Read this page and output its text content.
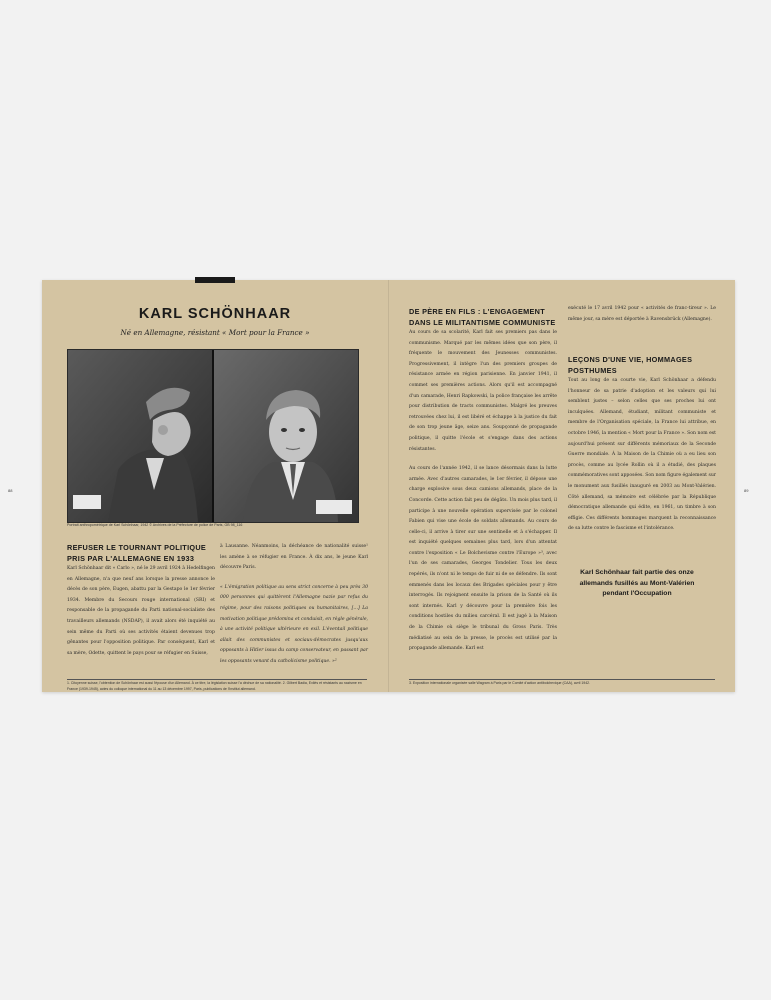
KARL SCHÖNHAAR
Né en Allemagne, résistant « Mort pour la France »
Portrait anthropométrique de Karl Schönhaar, 1942 © Archives de la Préfecture de police de Paris, GB 98_116
88
REFUSER LE TOURNANT POLITIQUE PRIS PAR L'ALLEMAGNE EN 1933

Karl Schönhaar dit « Carlo », né le 29 avril 1924 à Hedelfingen en Allemagne, n'a que neuf ans lorsque la presse annonce le décès de son père, Eugen, abattu par la Gestapo le 1er février 1934. Membre du Secours rouge international (SRI) et responsable de la propagande du Parti national-socialiste des travailleurs allemands (NSDAP), il avait alors été inquiété au sein même du Parti où ses activités étaient devenues trop gênantes pour l'opposition politique. Par conséquent, Karl et sa mère, Odette, quittent le pays pour se réfugier en Suisse,

à Lausanne. Néanmoins, la déchéance de nationalité suisse¹ les amène à se réfugier en France. À dix ans, le jeune Karl découvre Paris.

« L'émigration politique au sens strict concerne à peu près 30 000 personnes qui quittèrent l'Allemagne nazie par refus du régime, pour des raisons politiques ou humanitaires, […] La motivation politique prédomina et conduisit, en règle générale, à une activité politique ultérieure en exil. L'éventail politique allait des communistes et sociaux-démocrates jusqu'aux opposants à Hitler issus du camp conservateur, en passant par les opposants venant du catholicisme politique. »²

1. Citoyenne suisse, l'obtention de Schönhaar est aussi l'épouse d'un Allemand. À ce titre, la législation suisse l'a déchue de sa nationalité. 2. Gilbert Badia, Exilés et résistants au nazisme en France (1939-1945), actes du colloque international du 11 au 13 décembre 1997, Paris, publications de l'Institut allemand.
DE PÈRE EN FILS : L'ENGAGEMENT DANS LE MILITANTISME COMMUNISTE

Au cours de sa scolarité, Karl fait ses premiers pas dans le communisme. Marqué par les mêmes idées que son père, il fréquente le mouvement des Jeunesses communistes. Progressivement, il intègre l'un des premiers groupes de résistance armée en région parisienne. En janvier 1941, il commet ses premières actions. Alors qu'il est accompagné d'un camarade, Henri Rapkowski, la police française les arrête pour distribution de tracts communistes. Malgré les preuves retrouvées chez lui, il est libéré et échappe à la justice du fait de son trop jeune âge, seize ans. Soupçonné de propagande politique, il quitte l'école et s'engage dans des actions résistantes.

Au cours de l'année 1942, il se lance désormais dans la lutte armée. Avec d'autres camarades, le 1er février, il dépose une charge explosive sous deux camions allemands, place de la Concorde. Cette action fait peu de dégâts. Un mois plus tard, il participe à une nouvelle opération supervisée par le colonel Fabien qui vise une école de soldats allemands. Au cours de celle-ci, il arrive à tirer sur une sentinelle et à s'échapper. Il est inquiété quelques semaines plus tard, lors d'un attentat contre l'exposition « Le Bolchevisme contre l'Europe »³, avec l'un de ses camarades, Georges Tondelier. Tous les deux repérés, ils n'ont ni le temps de fuir ni de se défendre. Ils sont emmenés dans les locaux des Brigades spéciales pour y être interrogés. Ils rejoignent ensuite la prison de la Santé où ils sont internés. Karl y découvre pour la première fois les conditions hostiles du milieu carcéral. Il est jugé à la Maison de la Chimie où siège le tribunal du Gross Paris. Très médiatisé au sein de la presse, le procès est utilisé par la propagande allemande. Karl est

exécuté le 17 avril 1942 pour « activités de franc-tireur ». Le même jour, sa mère est déportée à Ravensbrück (Allemagne).

LEÇONS D'UNE VIE, HOMMAGES POSTHUMES

Tout au long de sa courte vie, Karl Schönhaar a défendu l'honneur de sa patrie d'adoption et les valeurs qui lui semblent justes – selon celles que ses proches lui ont inculquées. Allemand, étudiant, militant communiste et membre de l'Organisation spéciale, la France lui attribue, en octobre 1946, la mention « Mort pour la France ». Son nom est aujourd'hui présent sur différents mémoriaux de la Seconde Guerre mondiale. À la Maison de la Chimie où a eu lieu son procès, comme au lycée Rollin où il a étudié, des plaques commémoratives sont apposées. Son nom figure également sur le monument aux fusillés inauguré en 2003 au Mont-Valérien. Côté allemand, sa mémoire est célébrée par la République démocratique allemande qui édite, en 1961, un timbre à son effigie. Ces différents hommages marquent la reconnaissance de sa lutte contre le fascisme et l'intolérance.

Karl Schönhaar fait partie des onze allemands fusillés au Mont-Valérien pendant l'Occupation
89
3. Exposition internationale organisée salle Wagram à Paris par le Comité d'action antibolchevique (CAA), avril 1942.
